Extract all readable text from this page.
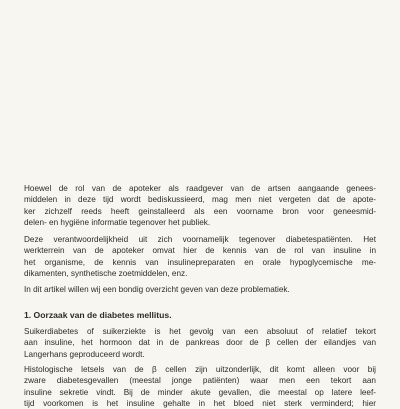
Hoewel de rol van de apoteker als raadgever van de artsen aangaande genees-
middelen in deze tijd wordt bediskussieerd, mag men niet vergeten dat de apote-
ker zichzelf reeds heeft geinstalleerd als een voorname bron voor geneesmid-
delen- en hygiëne informatie tegenover het publiek.
Deze verantwoordelijkheid uit zich voornamelijk tegenover diabetespatiënten. Het
werkterrein van de apoteker omvat hier de kennis van de rol van insuline in
het organisme, de kennis van insulinepreparaten en orale hypoglycemische me-
dikamenten, synthetische zoetmiddelen, enz.
In dit artikel willen wij een bondig overzicht geven van deze problematiek.
1. Oorzaak van de diabetes mellitus.
Suikerdiabetes of suikerziekte is het gevolg van een absoluut of relatief tekort
aan insuline, het hormoon dat in de pankreas door de β cellen der eilandjes van
Langerhans geproduceerd wordt.
Histologische letsels van de β cellen zijn uitzonderlijk, dit komt alleen voor bij
zware diabetesgevallen (meestal jonge patiënten) waar men een tekort aan
insuline sekretie vindt. Bij de minder akute gevallen, die meestal op latere leef-
tijd voorkomen is het insuline gehalte in het bloed niet sterk verminderd; hier
